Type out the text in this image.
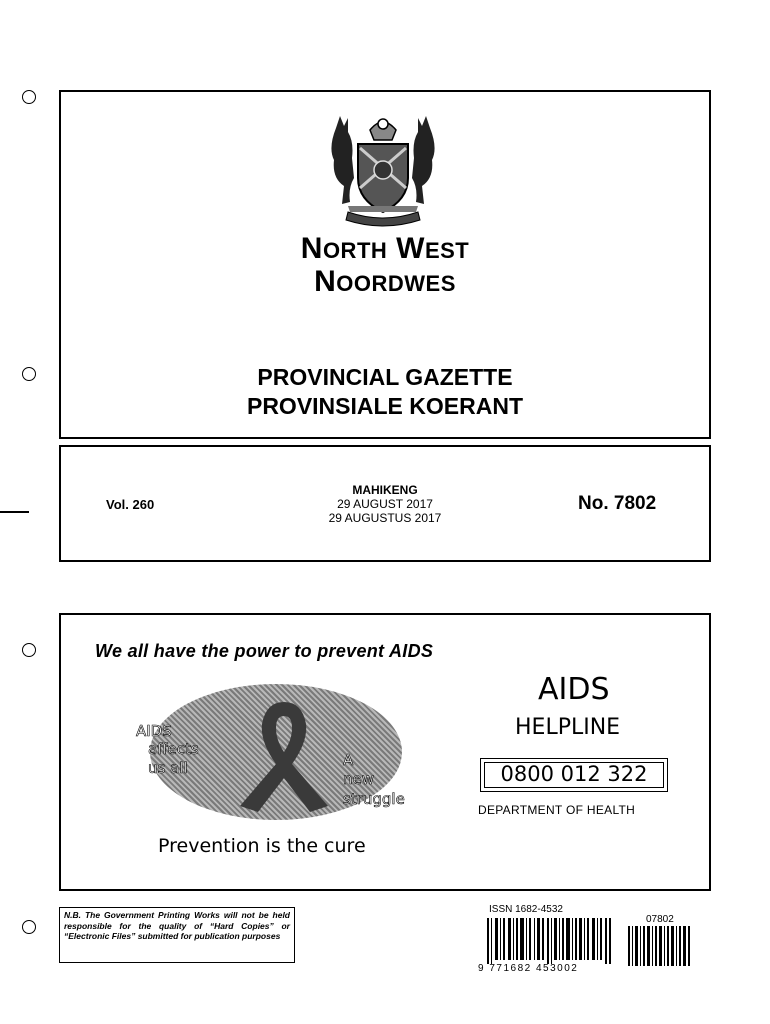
NORTH WEST
NOORDWES
PROVINCIAL GAZETTE
PROVINSIALE KOERANT
Vol. 260
MAHIKENG
29 AUGUST 2017
29 AUGUSTUS 2017
No. 7802
We all have the power to prevent AIDS
AIDS
affects
us all	A
new
struggle
Prevention is the cure
AIDS
HELPLINE
0800 012 322
DEPARTMENT OF HEALTH
N.B. The Government Printing Works will not be held responsible for the quality of “Hard Copies” or “Electronic Files” submitted for publication purposes
ISSN 1682-4532
9 771682 453002
07802
